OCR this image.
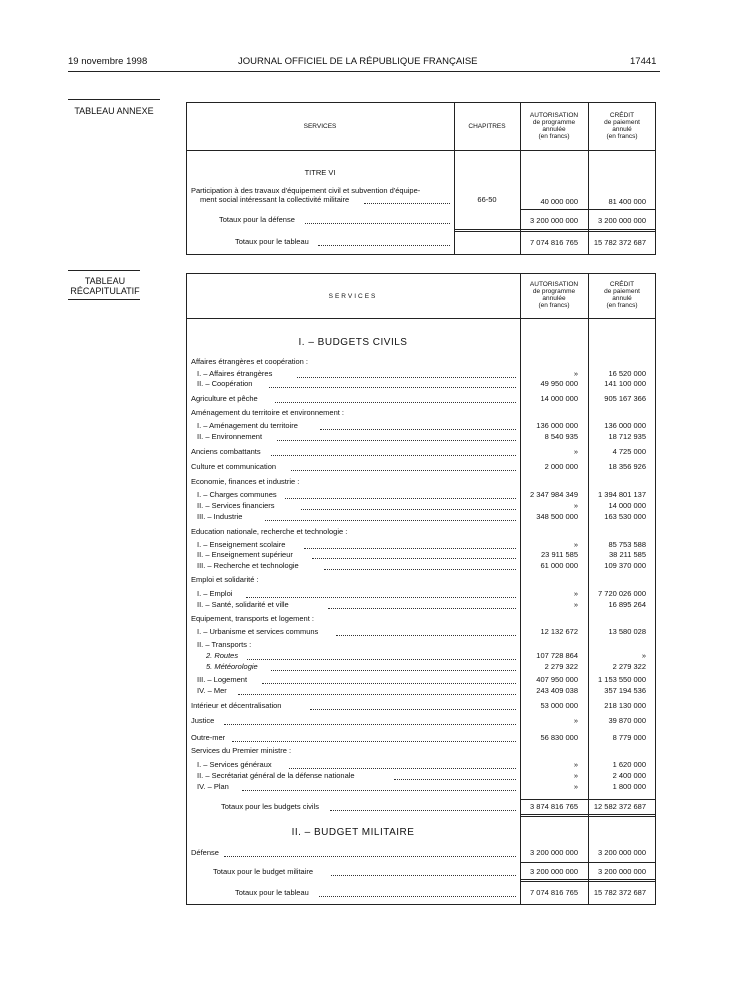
19 novembre 1998	JOURNAL OFFICIEL DE LA RÉPUBLIQUE FRANÇAISE	17441
TABLEAU ANNEXE
SERVICES	CHAPITRES
AUTORISATION
de programme
annulée
(en francs)
CRÉDIT
de paiement
annulé
(en francs)
TITRE VI
Participation à des travaux d'équipement civil et subvention d'équipe-
ment social intéressant la collectivité militaire	66-50	40 000 000	81 400 000
Totaux pour la défense	3 200 000 000	3 200 000 000
Totaux pour le tableau	7 074 816 765	15 782 372 687
TABLEAU
RÉCAPITULATIF
SERVICES
AUTORISATION
de programme
annulée
(en francs)
CRÉDIT
de paiement
annulé
(en francs)
I. – BUDGETS CIVILS
Affaires étrangères et coopération :
I. – Affaires étrangères	»	16 520 000
II. – Coopération	49 950 000	141 100 000
Agriculture et pêche	14 000 000	905 167 366
Aménagement du territoire et environnement :
I. – Aménagement du territoire	136 000 000	136 000 000
II. – Environnement	8 540 935	18 712 935
Anciens combattants	»	4 725 000
Culture et communication	2 000 000	18 356 926
Economie, finances et industrie :
I. – Charges communes	2 347 984 349	1 394 801 137
II. – Services financiers	»	14 000 000
III. – Industrie	348 500 000	163 530 000
Education nationale, recherche et technologie :
I. – Enseignement scolaire	»	85 753 588
II. – Enseignement supérieur	23 911 585	38 211 585
III. – Recherche et technologie	61 000 000	109 370 000
Emploi et solidarité :
I. – Emploi	»	7 720 026 000
II. – Santé, solidarité et ville	»	16 895 264
Equipement, transports et logement :
I. – Urbanisme et services communs	12 132 672	13 580 028
II. – Transports :
2. Routes	107 728 864	»
5. Météorologie	2 279 322	2 279 322
III. – Logement	407 950 000	1 153 550 000
IV. – Mer	243 409 038	357 194 536
Intérieur et décentralisation	53 000 000	218 130 000
Justice	»	39 870 000
Outre-mer	56 830 000	8 779 000
Services du Premier ministre :
I. – Services généraux	»	1 620 000
II. – Secrétariat général de la défense nationale	»	2 400 000
IV. – Plan	»	1 800 000
Totaux pour les budgets civils	3 874 816 765	12 582 372 687
II. – BUDGET MILITAIRE
Défense	3 200 000 000	3 200 000 000
Totaux pour le budget militaire	3 200 000 000	3 200 000 000
Totaux pour le tableau	7 074 816 765	15 782 372 687
